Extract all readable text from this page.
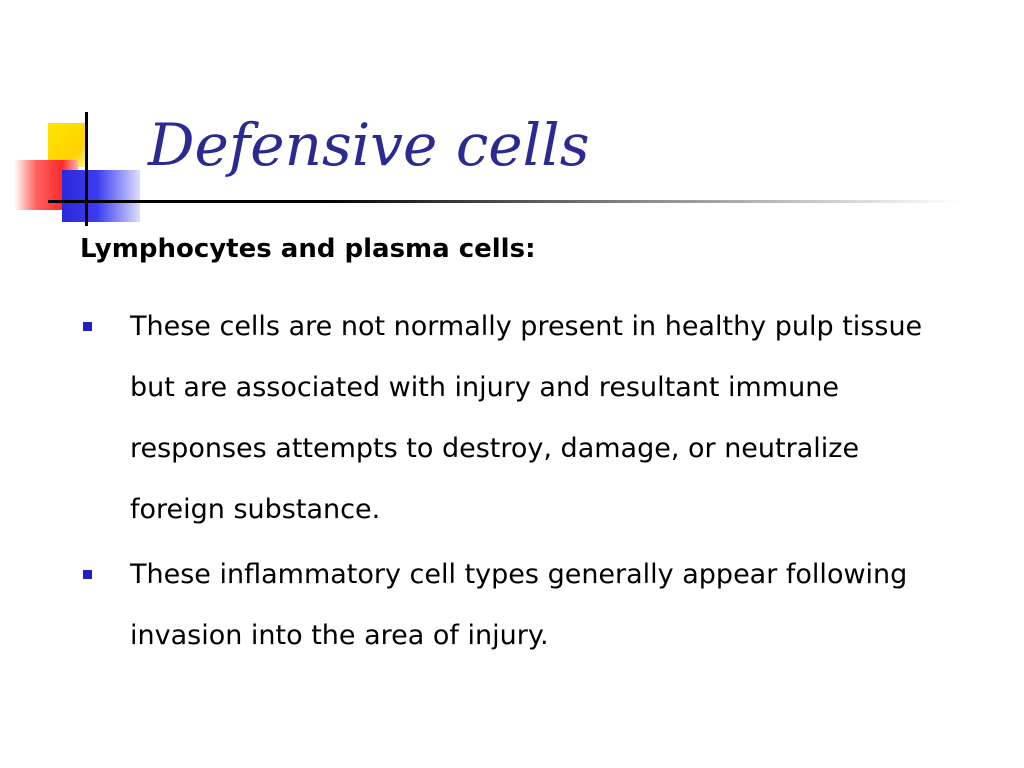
Defensive cells

Lymphocytes and plasma cells:

These cells are not normally present in healthy pulp tissue but are associated with injury and resultant immune responses attempts to destroy, damage, or neutralize foreign substance.
These inflammatory cell types generally appear following invasion into the area of injury.
